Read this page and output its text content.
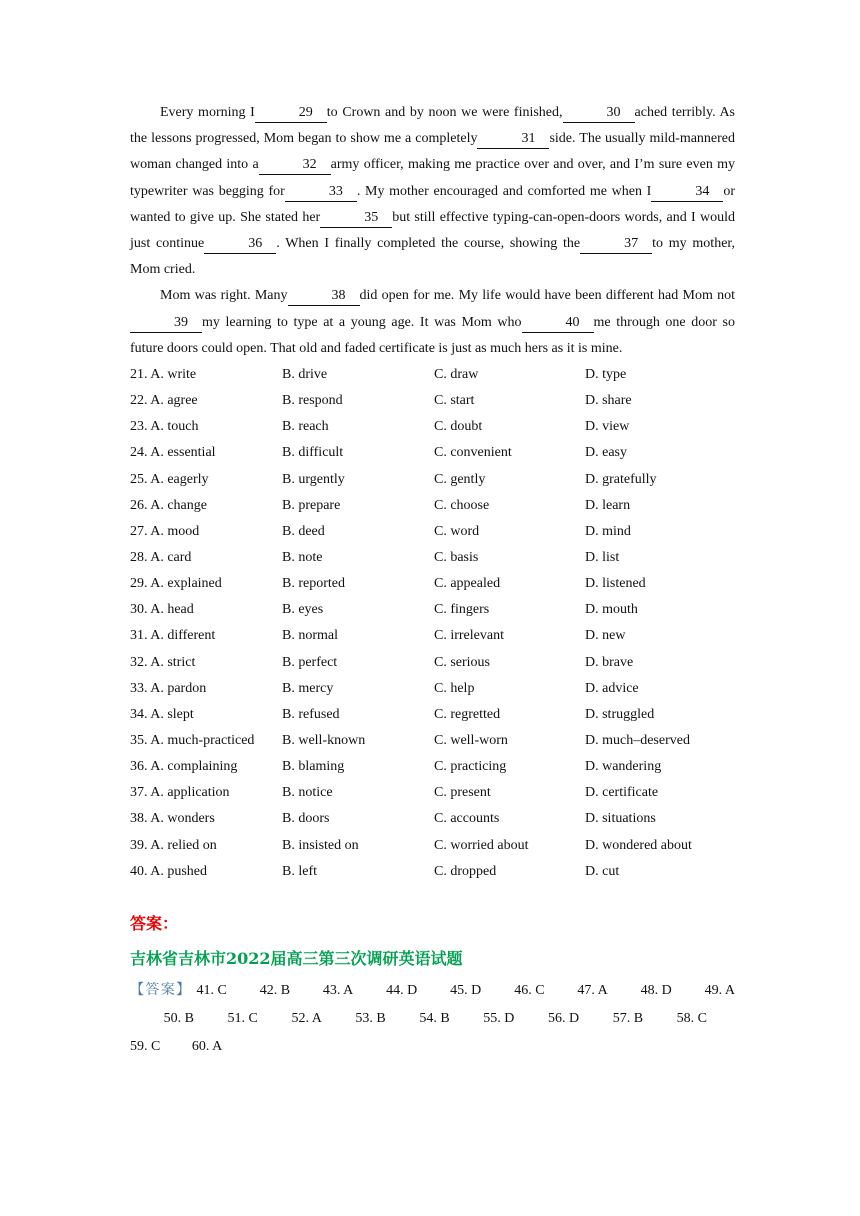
Every morning I	29 to Crown and by noon we were finished,	30 ached terribly. As the lessons progressed, Mom began to show me a completely	31 side. The usually mild-mannered woman changed into a	32 army officer, making me practice over and over, and I’m sure even my typewriter was begging for	33 . My mother encouraged and comforted me when I	34 or wanted to give up. She stated her	35 but still effective typing-can-open-doors words, and I would just continue	36 . When I finally completed the course, showing the	37 to my mother, Mom cried.

Mom was right. Many	38 did open for me. My life would have been different had Mom not39 my learning to type at a young age. It was Mom who	40 me through one door so future doors could open. That old and faded certificate is just as much hers as it is mine.

21. A. write	B. drive	C. draw	D. type
22. A. agree	B. respond	C. start	D. share
23. A. touch	B. reach	C. doubt	D. view
24. A. essential	B. difficult	C. convenient	D. easy
25. A. eagerly	B. urgently	C. gently	D. gratefully
26. A. change	B. prepare	C. choose	D. learn
27. A. mood	B. deed	C. word	D. mind
28. A. card	B. note	C. basis	D. list
29. A. explained	B. reported	C. appealed	D. listened
30. A. head	B. eyes	C. fingers	D. mouth
31. A. different	B. normal	C. irrelevant	D. new
32. A. strict	B. perfect	C. serious	D. brave
33. A. pardon	B. mercy	C. help	D. advice
34. A. slept	B. refused	C. regretted	D. struggled
35. A. much-practiced	B. well-known	C. well-worn	D. much–deserved
36. A. complaining	B. blaming	C. practicing	D. wandering
37. A. application	B. notice	C. present	D. certificate
38. A. wonders	B. doors	C. accounts	D. situations
39. A. relied on	B. insisted on	C. worried about	D. wondered about
40. A. pushed	B. left	C. dropped	D. cut
答案：
吉林省吉林市2022届高三第三次调研英语试题
【答案】 41. C   42. B   43. A   44. D   45. D   46. C   47. A   48. D   49. A   50. B   51. C   52. A   53. B   54. B   55. D   56. D   57. B   58. C   59. C   60. A
